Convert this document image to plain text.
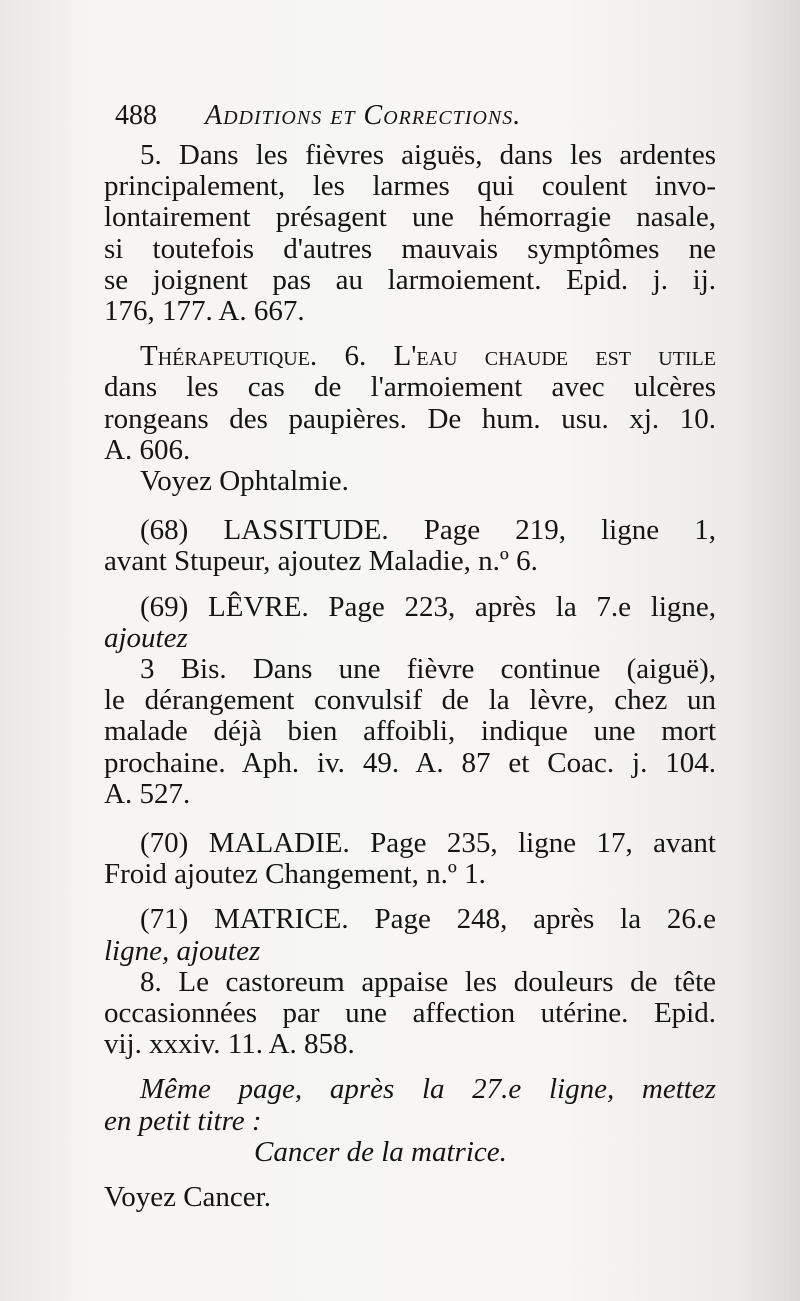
488 Additions et Corrections.

5. Dans les fièvres aiguës, dans les ardentes

principalement, les larmes qui coulent invo-

lontairement présagent une hémorragie nasale,

si toutefois d'autres mauvais symptômes ne

se joignent pas au larmoiement. Epid. j. ij.

176, 177. A. 667.

Thérapeutique. 6. L'eau chaude est utile

dans les cas de l'armoiement avec ulcères

rongeans des paupières. De hum. usu. xj. 10.

A. 606.

Voyez Ophtalmie.

(68) LASSITUDE. Page 219, ligne 1,

avant Stupeur, ajoutez Maladie, n.º 6.

(69) LÊVRE. Page 223, après la 7.e ligne,

ajoutez

3 Bis. Dans une fièvre continue (aiguë),

le dérangement convulsif de la lèvre, chez un

malade déjà bien affoibli, indique une mort

prochaine. Aph. iv. 49. A. 87 et Coac. j. 104.

A. 527.

(70) MALADIE. Page 235, ligne 17, avant

Froid ajoutez Changement, n.º 1.

(71) MATRICE. Page 248, après la 26.e

ligne, ajoutez

8. Le castoreum appaise les douleurs de tête

occasionnées par une affection utérine. Epid.

vij. xxxiv. 11. A. 858.

Même page, après la 27.e ligne, mettez

en petit titre :

Cancer de la matrice.

Voyez Cancer.
